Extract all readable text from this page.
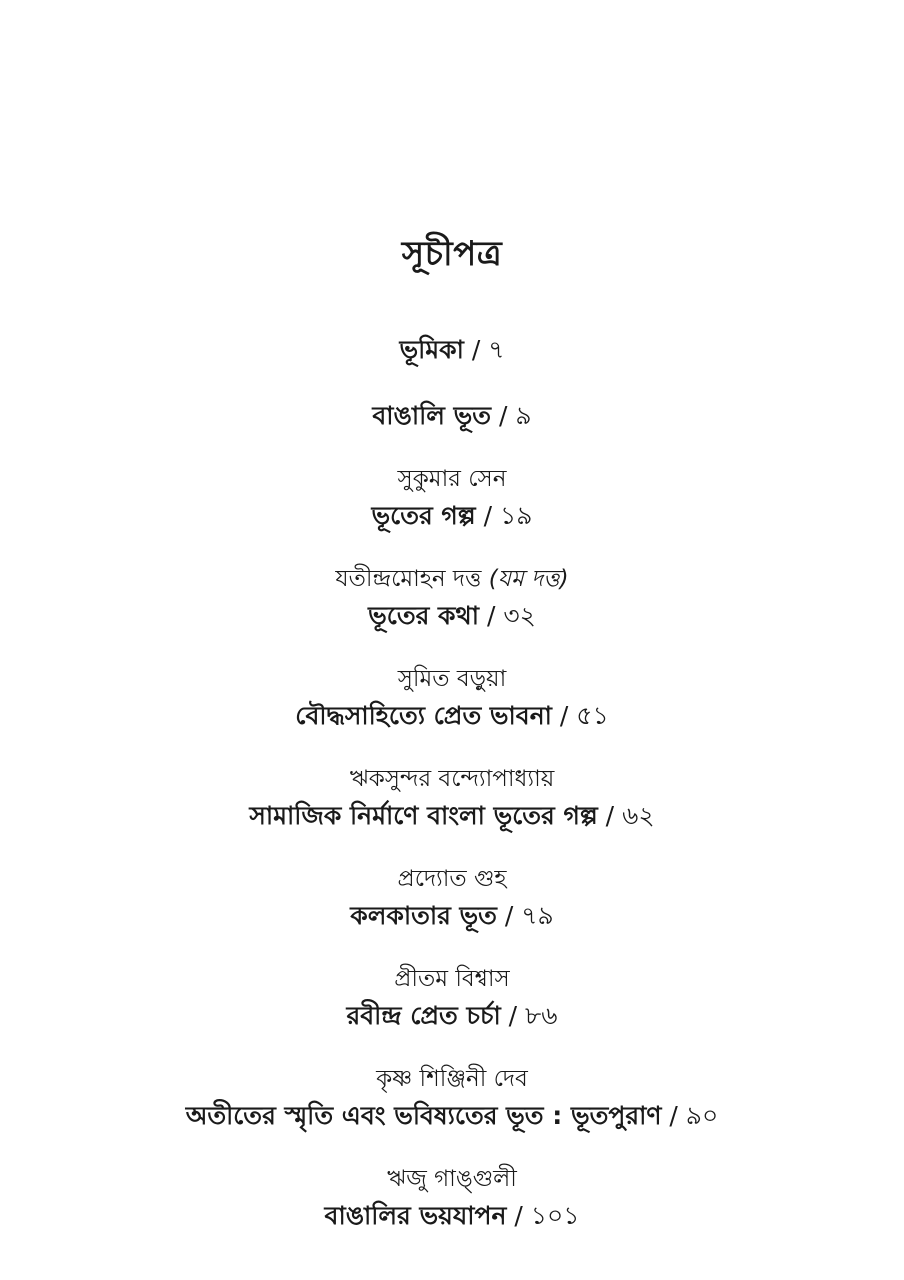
সূচীপত্র
ভূমিকা / ৭
বাঙালি ভূত / ৯
সুকুমার সেন
ভূতের গল্প / ১৯
যতীন্দ্রমোহন দত্ত (যম দত্ত)
ভূতের কথা / ৩২
সুমিত বড়ুয়া
বৌদ্ধসাহিত্যে প্রেত ভাবনা / ৫১
ঋকসুন্দর বন্দ্যোপাধ্যায়
সামাজিক নির্মাণে বাংলা ভূতের গল্প / ৬২
প্রদ্যোত গুহ
কলকাতার ভূত / ৭৯
প্রীতম বিশ্বাস
রবীন্দ্র প্রেত চর্চা / ৮৬
কৃষ্ণ শিঞ্জিনী দেব
অতীতের স্মৃতি এবং ভবিষ্যতের ভূত : ভূতপুরাণ / ৯০
ঋজু গাঙ্গুলী
বাঙালির ভয়যাপন / ১০১
